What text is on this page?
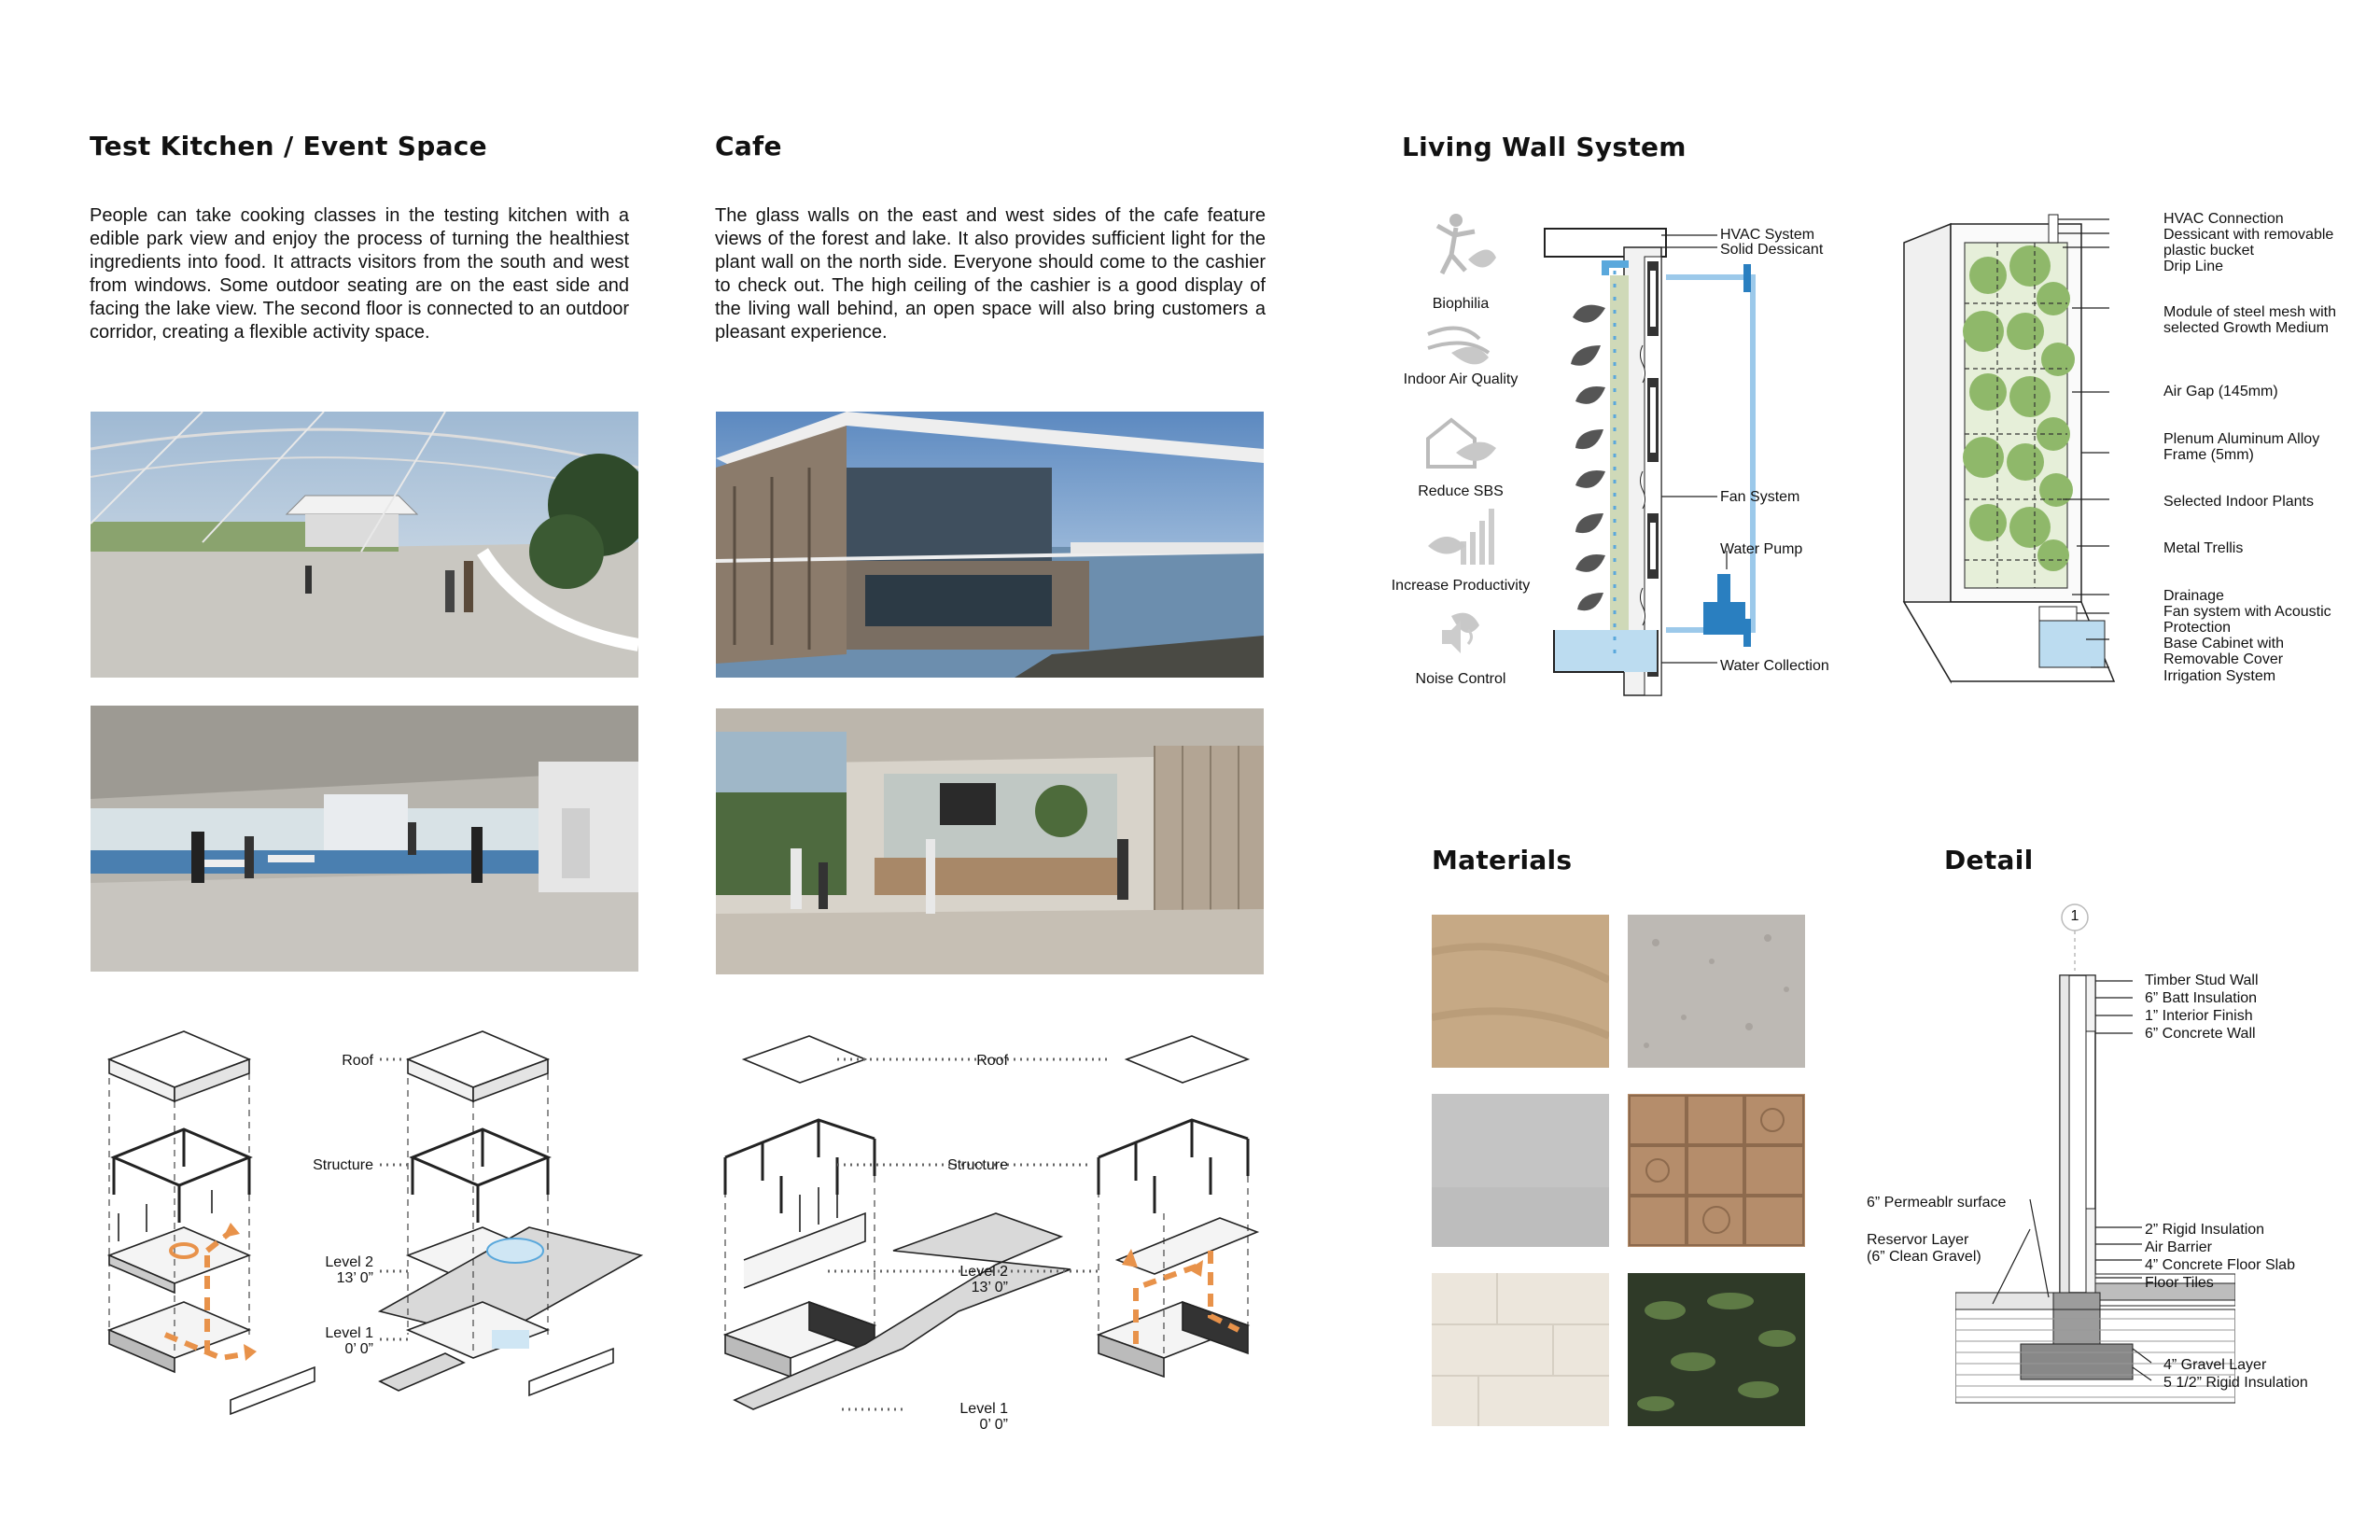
Test Kitchen / Event Space
People can take cooking classes in the testing kitchen with a edible park view and enjoy the process of turning the healthiest ingredients into food. It attracts visitors from the south and west from windows. Some outdoor seating are on the east side and facing the lake view. The second floor is connected to an outdoor corridor, creating a flexible activity space.
Roof
Structure
Level 2
13’ 0”
Level 1
0’ 0”
Cafe
The glass walls on the east and west sides of the cafe feature views of the forest and lake. It also provides sufficient light for the plant wall on the north side. Everyone should come to the cashier to check out. The high ceiling of the cashier is a good display of the living wall behind, an open space will also bring customers a pleasant experience.
Roof
Structure
Level 2
13’ 0”
Level 1
0’ 0”
Living Wall System
Biophilia
Indoor Air Quality
Reduce SBS
Increase Productivity
Noise Control
HVAC System
Solid Dessicant
Fan System
Water Pump
Water Collection
HVAC Connection
Dessicant with removable plastic bucket
Drip Line
Module of steel mesh with selected Growth Medium
Air Gap (145mm)
Plenum Aluminum Alloy Frame (5mm)
Selected Indoor Plants
Metal Trellis
Drainage
Fan system with Acoustic Protection
Base Cabinet with Removable Cover
Irrigation System
Materials	Detail
Timber Stud Wall
6” Batt Insulation
1” Interior Finish
6” Concrete Wall
6” Permeablr surface
Reservor Layer
(6” Clean Gravel)
2” Rigid Insulation
Air Barrier
4” Concrete Floor Slab
Floor Tiles
4” Gravel Layer
5 1/2” Rigid Insulation
1
